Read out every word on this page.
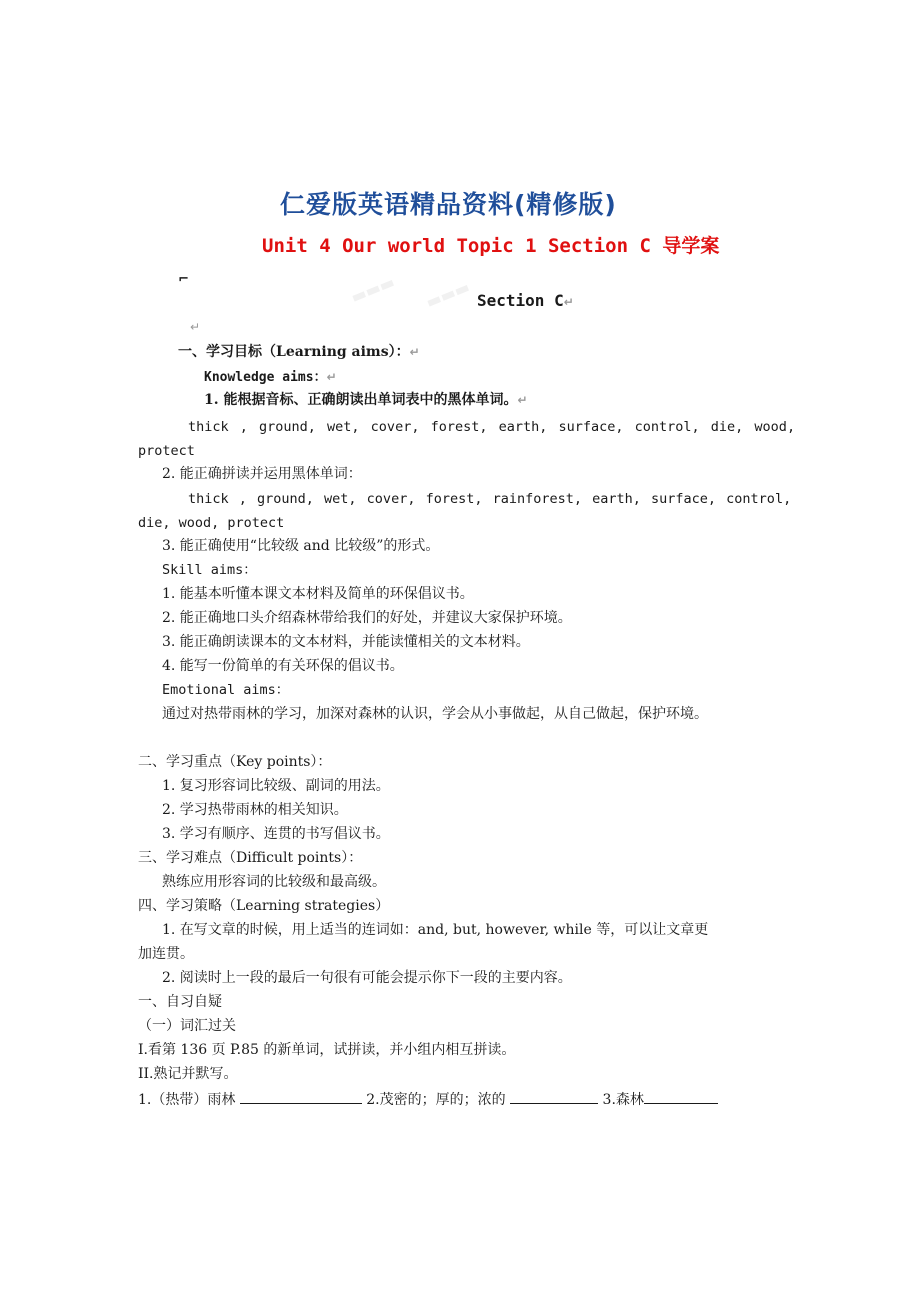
▬▬▬ ▬▬▬
仁爱版英语精品资料(精修版)
Unit 4 Our world Topic 1 Section C 导学案
⌐
Section C↵
↵
一、学习目标（Learning aims）：↵
Knowledge aims：↵
1. 能根据音标、正确朗读出单词表中的黑体单词。↵
thick , ground, wet, cover, forest, earth, surface, control, die, wood,
protect
2. 能正确拼读并运用黑体单词：
thick , ground, wet, cover, forest, rainforest, earth, surface, control,
die, wood, protect
3. 能正确使用“比较级 and 比较级”的形式。
Skill aims：
1. 能基本听懂本课文本材料及简单的环保倡议书。
2. 能正确地口头介绍森林带给我们的好处，并建议大家保护环境。
3. 能正确朗读课本的文本材料，并能读懂相关的文本材料。
4. 能写一份简单的有关环保的倡议书。
Emotional aims：
通过对热带雨林的学习，加深对森林的认识，学会从小事做起，从自己做起，保护环境。
二、学习重点（Key points）：
1. 复习形容词比较级、副词的用法。
2. 学习热带雨林的相关知识。
3. 学习有顺序、连贯的书写倡议书。
三、学习难点（Difficult points）：
熟练应用形容词的比较级和最高级。
四、学习策略（Learning strategies）
1. 在写文章的时候，用上适当的连词如：and, but, however, while 等，可以让文章更
加连贯。
2. 阅读时上一段的最后一句很有可能会提示你下一段的主要内容。
一、自习自疑
（一）词汇过关
I.看第 136 页 P.85 的新单词，试拼读，并小组内相互拼读。
II.熟记并默写。
1.（热带）雨林	2.茂密的；厚的；浓的	3.森林
